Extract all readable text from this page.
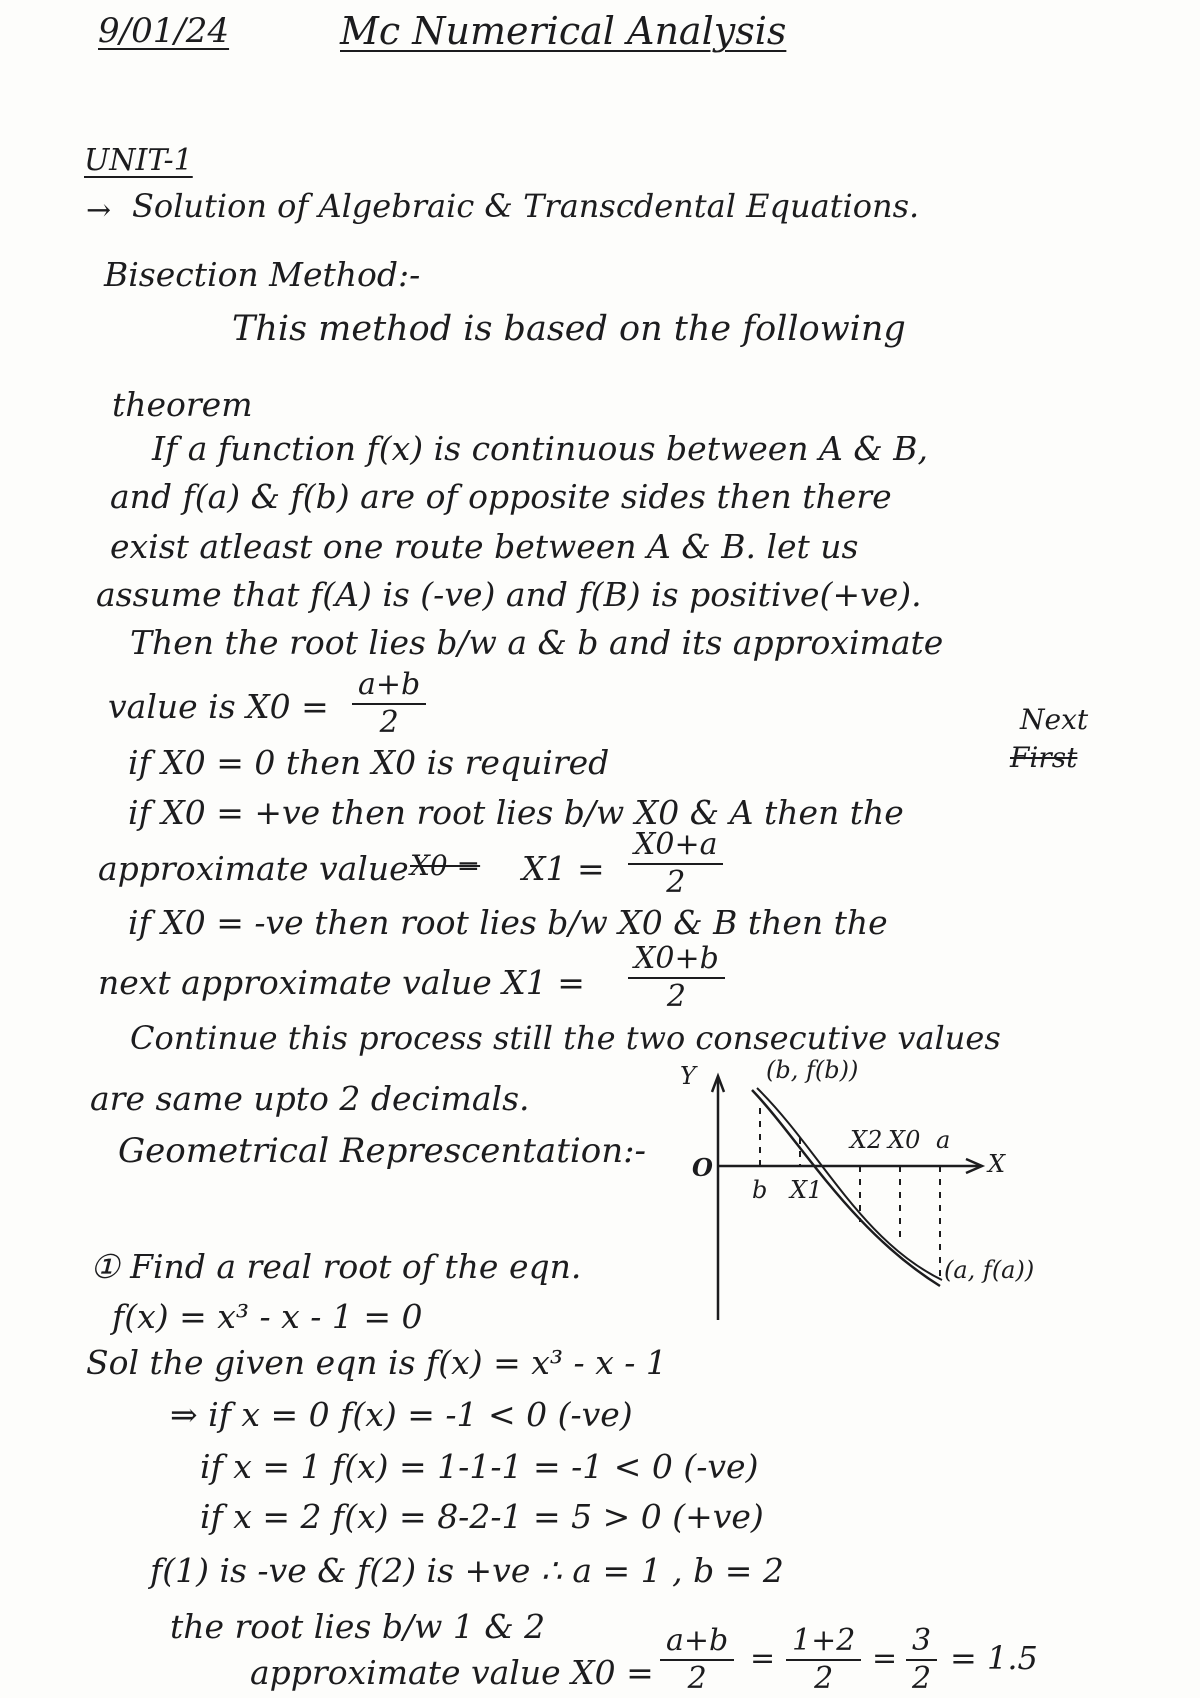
9/01/24	Mc Numerical Analysis
UNIT-1
→ Solution of Algebraic & Transcdental Equations.
Bisection Method:-
This method is based on the following
theorem
If a function f(x) is continuous between A & B,
and f(a) & f(b) are of opposite sides then there
exist atleast one route between A & B. let us
assume that f(A) is (-ve) and f(B) is positive(+ve).
Then the root lies b/w a & b and its approximate
value is $X0 = \frac{a+b}{2}$	Next
if X0 = 0 then X0 is required	First
if X0 = +ve then root lies b/w X0 & A then the
approximate value $X0 = X1 = \frac{X0+a}{2}$
if X0 = -ve then root lies b/w X0 & B then the
next approximate value $X1 = \frac{X0+b}{2}$
Continue this process still the two consecutive values
are same upto 2 decimals.
Geometrical Represcentation:-
Y
X
O
(b, f(b))
(a, f(a))
b X1
X2 X0 a
① Find a real root of the eqn.
f(x) = x³ - x - 1 = 0
Sol the given eqn is f(x) = x³ - x - 1
⇒ if x = 0 f(x) = -1 < 0 (-ve)
if x = 1 f(x) = 1-1-1 = -1 < 0 (-ve)
if x = 2 f(x) = 8-2-1 = 5 > 0 (+ve)
f(1) is -ve & f(2) is +ve ∴ a = 1 , b = 2
the root lies b/w 1 & 2
approximate value $X0 = \frac{a+b}{2} = \frac{1+2}{2} = \frac{3}{2} = 1.5$
